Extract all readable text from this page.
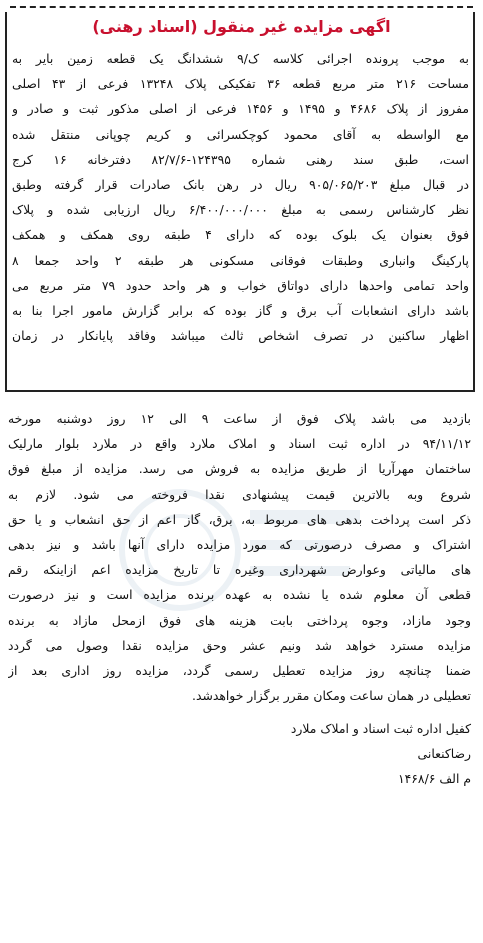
اگهی مزایده غیر منقول (اسناد رهنی)
به موجب پرونده اجرائی کلاسه ک/۹ ششدانگ یک قطعه زمین بایر به
مساحت ۲۱۶ متر مربع قطعه ۳۶ تفکیکی پلاک ۱۳۲۴۸ فرعی از ۴۳ اصلی
مفروز از پلاک ۴۶۸۶ و ۱۴۹۵ و ۱۴۵۶ فرعی از اصلی مذکور ثبت و صادر و
مع الواسطه به آقای محمود کوچکسرائی و کریم چوپانی منتقل شده
است، طبق سند رهنی شماره ۱۲۴۳۹۵-۸۲/۷/۶ دفترخانه ۱۶ کرج
در قبال مبلغ ۹۰۵/۰۶۵/۲۰۳ ریال در رهن بانک صادرات قرار گرفته وطبق
نظر کارشناس رسمی به مبلغ ۶/۴۰۰/۰۰۰/۰۰۰ ریال ارزیابی شده و پلاک
فوق بعنوان یک بلوک بوده که دارای ۴ طبقه روی همکف و همکف
پارکینگ وانباری وطبقات فوقانی مسکونی هر طبقه ۲ واحد جمعا ۸
واحد تمامی واحدها دارای دواتاق خواب و هر واحد حدود ۷۹ متر مربع می
باشد دارای انشعابات آب برق و گاز بوده که برابر گزارش مامور اجرا بنا به
اظهار ساکنین در تصرف اشخاص ثالث میباشد وفاقد پایانکار در زمان
بازدید می باشد پلاک فوق از ساعت ۹ الی ۱۲ روز دوشنبه مورخه
۹۴/۱۱/۱۲ در اداره ثبت اسناد و املاک ملارد واقع در ملارد بلوار مارلیک
ساختمان مهرآریا از طریق مزایده به فروش می رسد. مزایده از مبلغ فوق
شروع وبه بالاترین قیمت پیشنهادی نقدا فروخته می شود. لازم به
ذکر است پرداخت بدهی های مربوط به، برق، گاز اعم از حق انشعاب و یا حق
اشتراک و مصرف درصورتی که مورد مزایده دارای آنها باشد و نیز بدهی
های مالیاتی وعوارض شهرداری وغیره تا تاریخ مزایده اعم ازاینکه رقم
قطعی آن معلوم شده یا نشده به عهده برنده مزایده است و نیز درصورت
وجود مازاد، وجوه پرداختی بابت هزینه های فوق ازمحل مازاد به برنده
مزایده مسترد خواهد شد ونیم عشر وحق مزایده نقدا وصول می گردد
ضمنا چنانچه روز مزایده تعطیل رسمی گردد، مزایده روز اداری بعد از
تعطیلی در همان ساعت ومکان مقرر برگزار خواهدشد.
کفیل اداره ثبت اسناد و املاک ملارد
رضاکنعانی
م الف ۱۴۶۸/۶
